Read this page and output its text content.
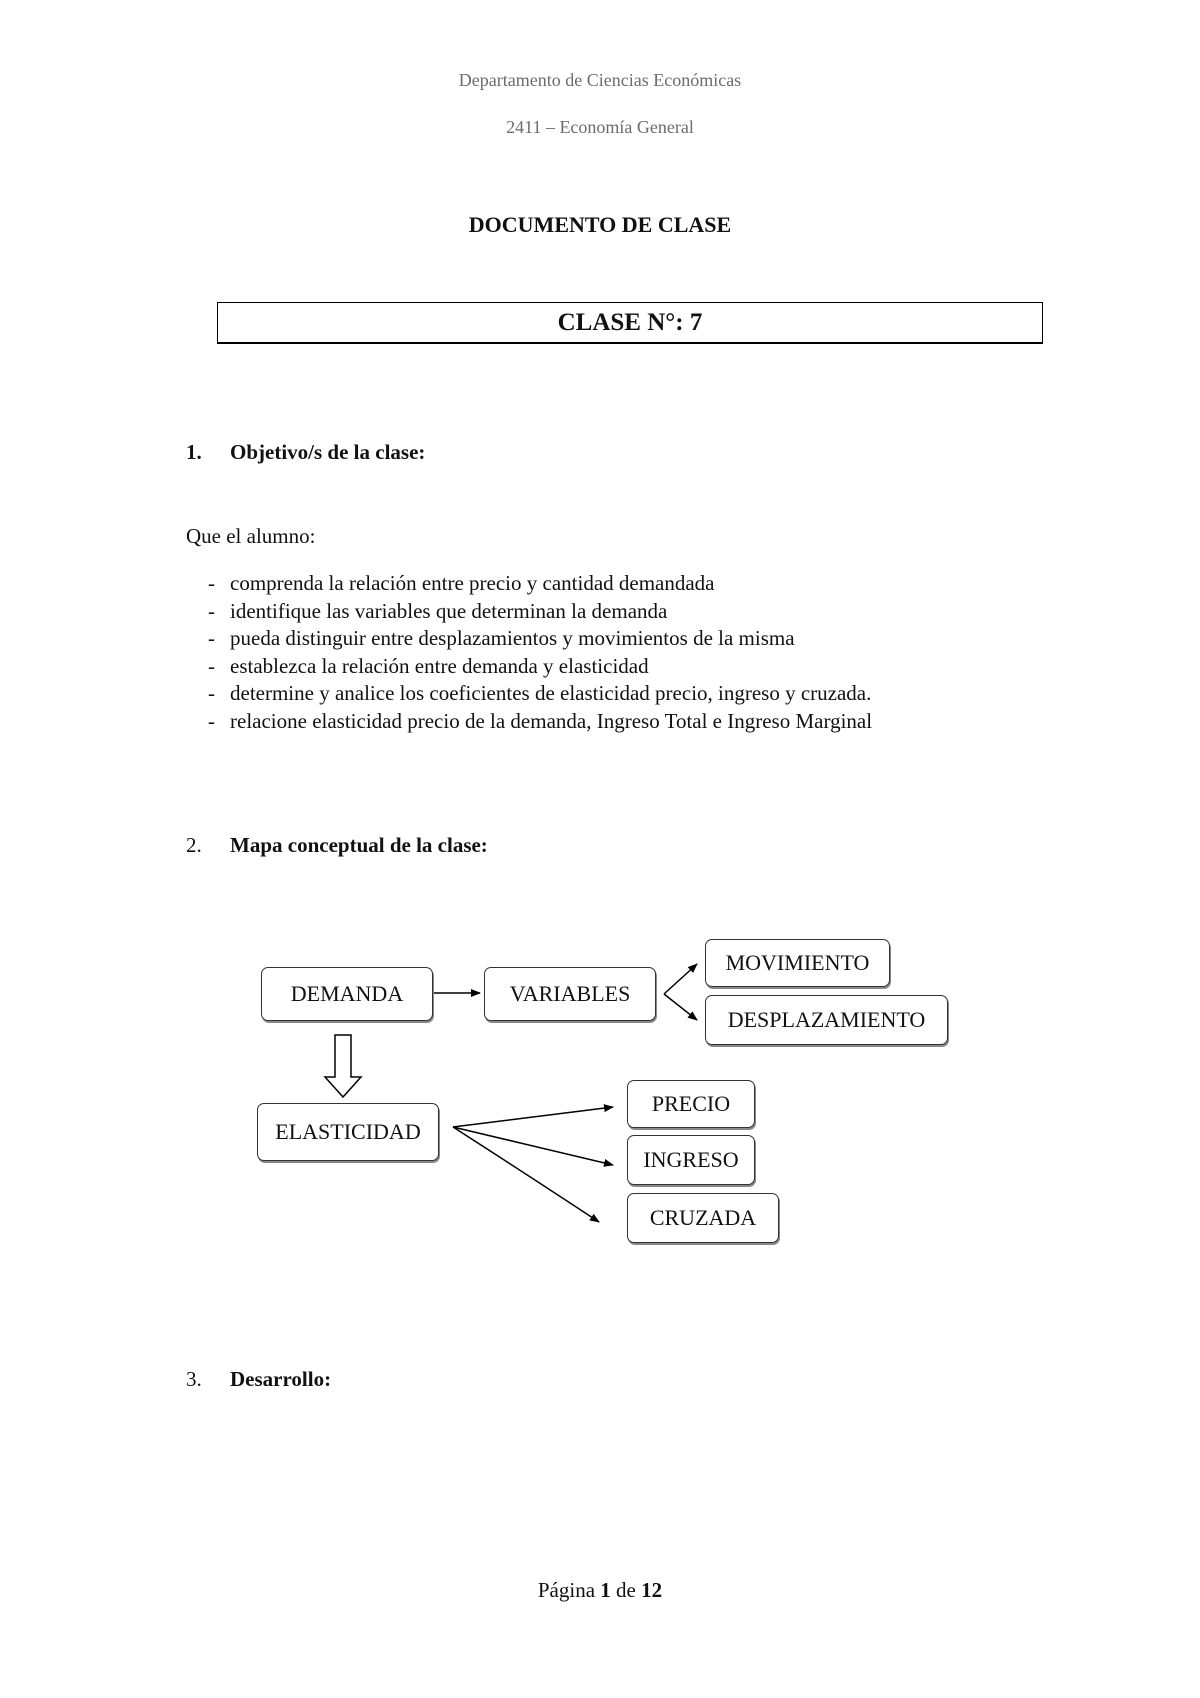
Departamento de Ciencias Económicas
2411 – Economía General
DOCUMENTO DE CLASE
CLASE N°: 7
1. Objetivo/s de la clase:
Que el alumno:
- comprenda la relación entre precio y cantidad demandada
- identifique las variables que determinan la demanda
- pueda distinguir entre desplazamientos y movimientos de la misma
- establezca la relación entre demanda y elasticidad
- determine y analice los coeficientes de elasticidad precio, ingreso y cruzada.
- relacione elasticidad precio de la demanda, Ingreso Total e Ingreso Marginal
2. Mapa conceptual de la clase:
DEMANDA	VARIABLES
MOVIMIENTO
DESPLAZAMIENTO
ELASTICIDAD
PRECIO
INGRESO
CRUZADA
3. Desarrollo:
Página 1 de 12
